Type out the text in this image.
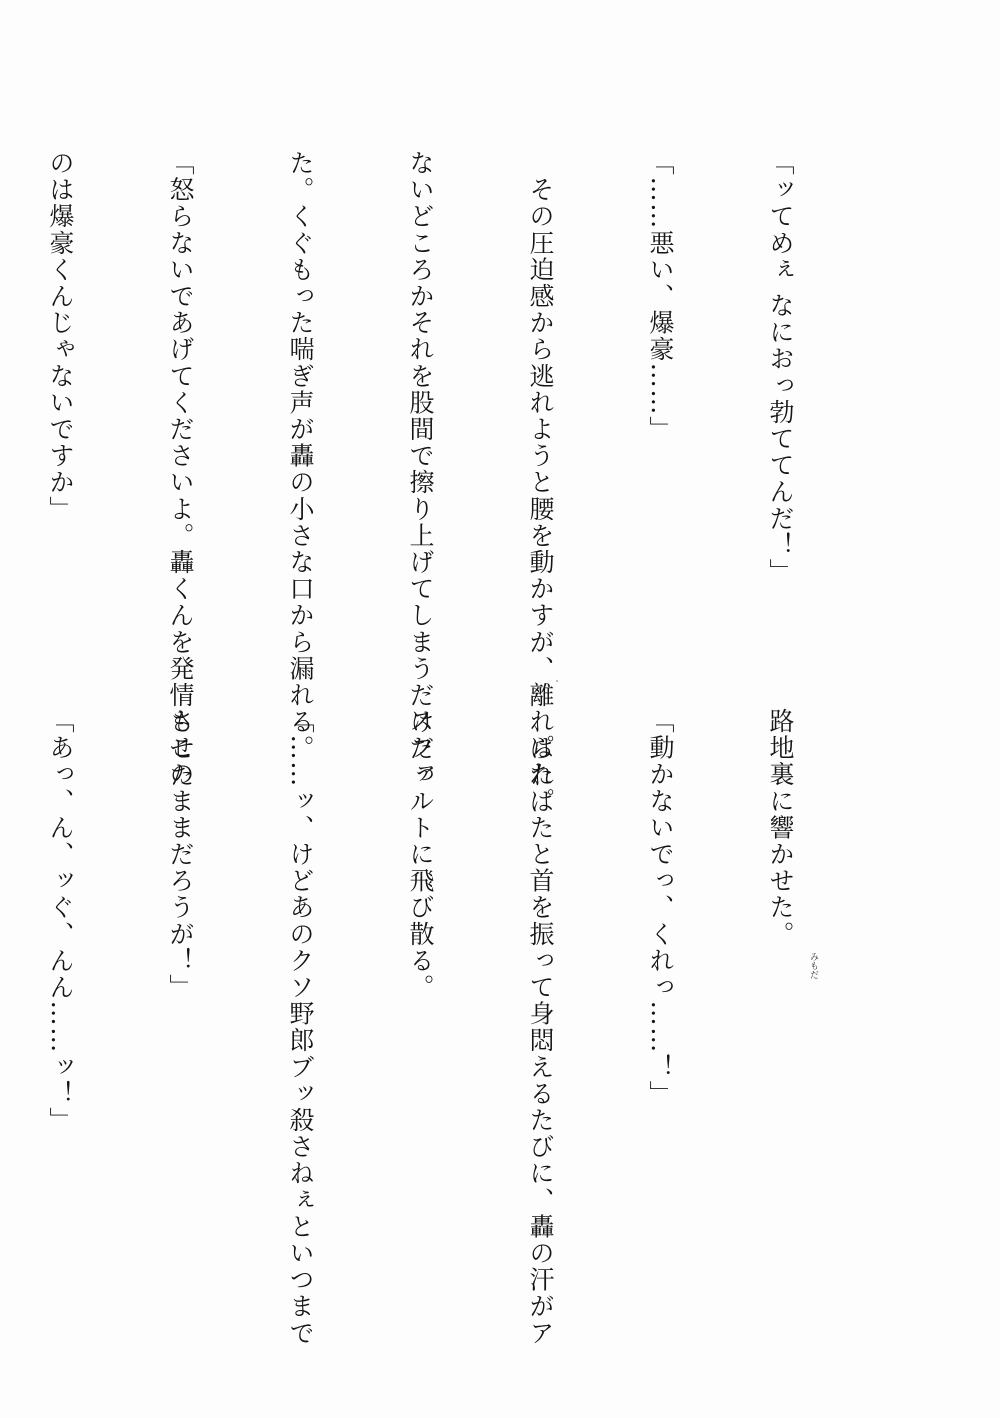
「ッてめぇ なにおっ勃ててんだ！」

「……悪い、爆豪……」

　その圧迫感から逃れようと腰を動かすが、離れられ

ないどころかそれを股間で擦り上げてしまうだけだっ

た。くぐもった喘ぎ声が轟の小さな口から漏れる。

「怒らないであげてくださいよ。轟くんを発情させた

のは爆豪くんじゃないですか」

路地裏に響かせた。

「動かないでっ、くれっ……！」

　ぱたぱたと首を振って身悶えるたびに、轟の汗がア

スファルトに飛び散る。

「……ッ、けどあのクソ野郎ブッ殺さねぇといつまで

もこのままだろうが！」

「あっ、ん、ッぐ、んん……ッ！」

	みもだ
